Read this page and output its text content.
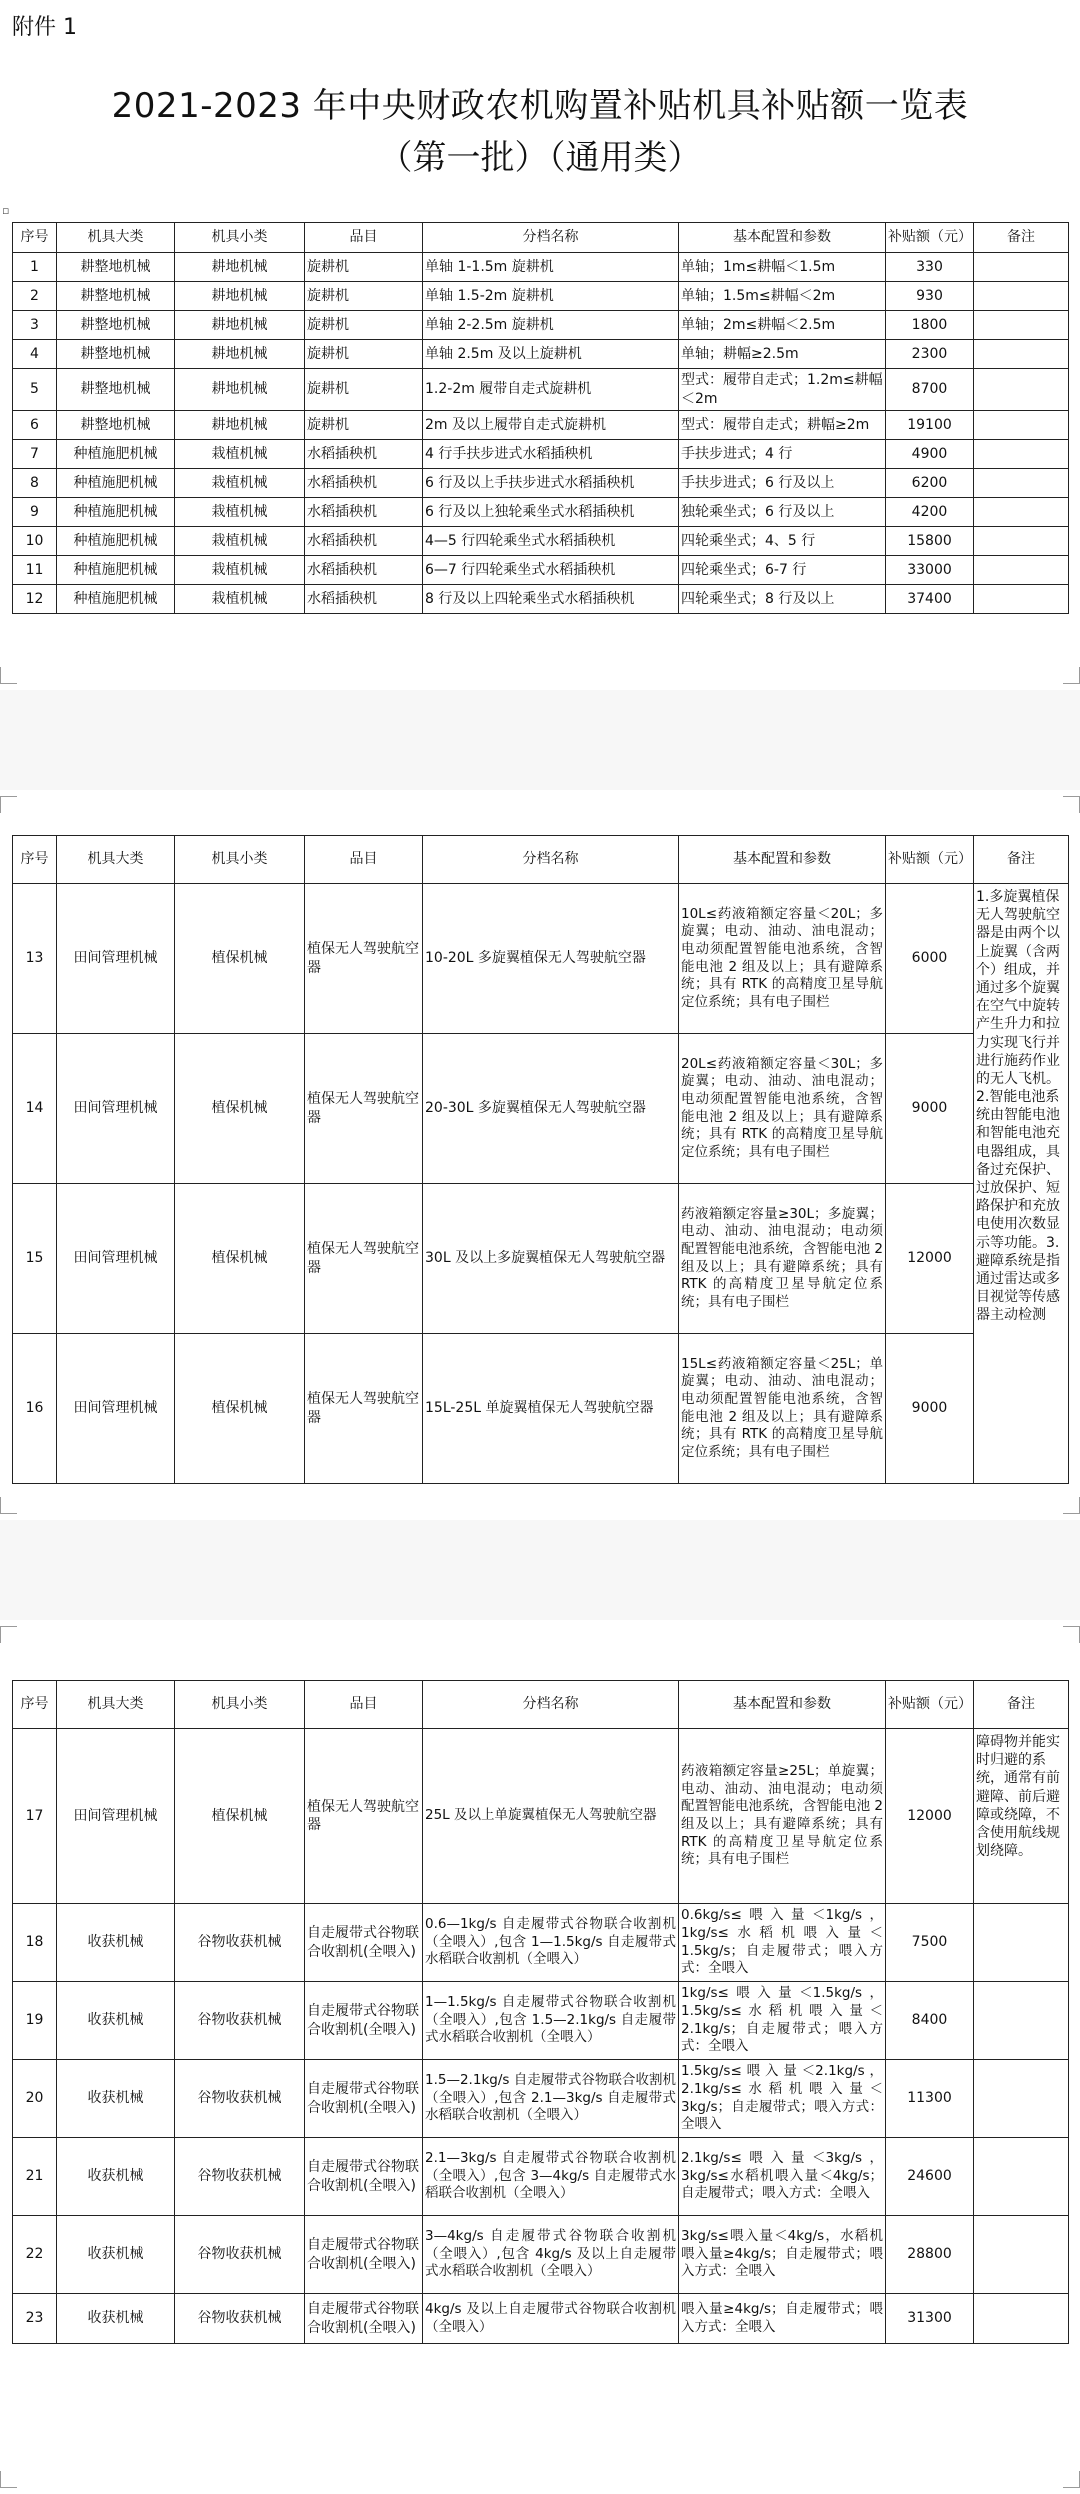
附件 1
2021-2023 年中央财政农机购置补贴机具补贴额一览表
（第一批）（通用类）
▫
序号	机具大类	机具小类	品目	分档名称	基本配置和参数	补贴额（元）	备注
1	耕整地机械	耕地机械	旋耕机	单轴 1-1.5m 旋耕机	单轴；1m≤耕幅＜1.5m	330	
2	耕整地机械	耕地机械	旋耕机	单轴 1.5-2m 旋耕机	单轴；1.5m≤耕幅＜2m	930	
3	耕整地机械	耕地机械	旋耕机	单轴 2-2.5m 旋耕机	单轴；2m≤耕幅＜2.5m	1800	
4	耕整地机械	耕地机械	旋耕机	单轴 2.5m 及以上旋耕机	单轴；耕幅≥2.5m	2300	
5	耕整地机械	耕地机械	旋耕机	1.2-2m 履带自走式旋耕机	型式：履带自走式；1.2m≤耕幅＜2m	8700	
6	耕整地机械	耕地机械	旋耕机	2m 及以上履带自走式旋耕机	型式：履带自走式；耕幅≥2m	19100	
7	种植施肥机械	栽植机械	水稻插秧机	4 行手扶步进式水稻插秧机	手扶步进式；4 行	4900	
8	种植施肥机械	栽植机械	水稻插秧机	6 行及以上手扶步进式水稻插秧机	手扶步进式；6 行及以上	6200	
9	种植施肥机械	栽植机械	水稻插秧机	6 行及以上独轮乘坐式水稻插秧机	独轮乘坐式；6 行及以上	4200	
10	种植施肥机械	栽植机械	水稻插秧机	4—5 行四轮乘坐式水稻插秧机	四轮乘坐式；4、5 行	15800	
11	种植施肥机械	栽植机械	水稻插秧机	6—7 行四轮乘坐式水稻插秧机	四轮乘坐式；6-7 行	33000	
12	种植施肥机械	栽植机械	水稻插秧机	8 行及以上四轮乘坐式水稻插秧机	四轮乘坐式；8 行及以上	37400	
序号	机具大类	机具小类	品目	分档名称	基本配置和参数	补贴额（元）	备注
13	田间管理机械	植保机械	植保无人驾驶航空器	10-20L 多旋翼植保无人驾驶航空器	10L≤药液箱额定容量＜20L；多旋翼；电动、油动、油电混动；电动须配置智能电池系统，含智能电池 2 组及以上；具有避障系统；具有 RTK 的高精度卫星导航定位系统；具有电子围栏	6000	1.多旋翼植保无人驾驶航空器是由两个以上旋翼（含两个）组成，并通过多个旋翼在空气中旋转产生升力和拉力实现飞行并进行施药作业的无人飞机。2.智能电池系统由智能电池和智能电池充电器组成，具备过充保护、过放保护、短路保护和充放电使用次数显示等功能。3.避障系统是指通过雷达或多目视觉等传感器主动检测
14	田间管理机械	植保机械	植保无人驾驶航空器	20-30L 多旋翼植保无人驾驶航空器	20L≤药液箱额定容量＜30L；多旋翼；电动、油动、油电混动；电动须配置智能电池系统，含智能电池 2 组及以上；具有避障系统；具有 RTK 的高精度卫星导航定位系统；具有电子围栏	9000	
15	田间管理机械	植保机械	植保无人驾驶航空器	30L 及以上多旋翼植保无人驾驶航空器	药液箱额定容量≥30L；多旋翼；电动、油动、油电混动；电动须配置智能电池系统，含智能电池 2 组及以上；具有避障系统；具有 RTK 的高精度卫星导航定位系统；具有电子围栏	12000	
16	田间管理机械	植保机械	植保无人驾驶航空器	15L-25L 单旋翼植保无人驾驶航空器	15L≤药液箱额定容量＜25L；单旋翼；电动、油动、油电混动；电动须配置智能电池系统，含智能电池 2 组及以上；具有避障系统；具有 RTK 的高精度卫星导航定位系统；具有电子围栏	9000	
序号	机具大类	机具小类	品目	分档名称	基本配置和参数	补贴额（元）	备注
17	田间管理机械	植保机械	植保无人驾驶航空器	25L 及以上单旋翼植保无人驾驶航空器	药液箱额定容量≥25L；单旋翼；电动、油动、油电混动；电动须配置智能电池系统，含智能电池 2 组及以上；具有避障系统；具有 RTK 的高精度卫星导航定位系统；具有电子围栏	12000	障碍物并能实时归避的系统，通常有前避障、前后避障或绕障，不含使用航线规划绕障。
18	收获机械	谷物收获机械	自走履带式谷物联合收割机(全喂入)	0.6—1kg/s 自走履带式谷物联合收割机（全喂入）,包含 1—1.5kg/s 自走履带式水稻联合收割机（全喂入）	0.6kg/s≤喂入量＜1kg/s，1kg/s≤水稻机喂入量＜1.5kg/s；自走履带式；喂入方式：全喂入	7500	
19	收获机械	谷物收获机械	自走履带式谷物联合收割机(全喂入)	1—1.5kg/s 自走履带式谷物联合收割机（全喂入）,包含 1.5—2.1kg/s 自走履带式水稻联合收割机（全喂入）	1kg/s≤喂入量＜1.5kg/s，1.5kg/s≤水稻机喂入量＜2.1kg/s；自走履带式；喂入方式：全喂入	8400	
20	收获机械	谷物收获机械	自走履带式谷物联合收割机(全喂入)	1.5—2.1kg/s 自走履带式谷物联合收割机（全喂入）,包含 2.1—3kg/s 自走履带式水稻联合收割机（全喂入）	1.5kg/s≤喂入量＜2.1kg/s，2.1kg/s≤水稻机喂入量＜3kg/s；自走履带式；喂入方式：全喂入	11300	
21	收获机械	谷物收获机械	自走履带式谷物联合收割机(全喂入)	2.1—3kg/s 自走履带式谷物联合收割机（全喂入）,包含 3—4kg/s 自走履带式水稻联合收割机（全喂入）	2.1kg/s≤喂入量＜3kg/s，3kg/s≤水稻机喂入量＜4kg/s；自走履带式；喂入方式：全喂入	24600	
22	收获机械	谷物收获机械	自走履带式谷物联合收割机(全喂入)	3—4kg/s 自走履带式谷物联合收割机（全喂入）,包含 4kg/s 及以上自走履带式水稻联合收割机（全喂入）	3kg/s≤喂入量＜4kg/s，水稻机喂入量≥4kg/s；自走履带式；喂入方式：全喂入	28800	
23	收获机械	谷物收获机械	自走履带式谷物联合收割机(全喂入)	4kg/s 及以上自走履带式谷物联合收割机（全喂入）	喂入量≥4kg/s；自走履带式；喂入方式：全喂入	31300	
